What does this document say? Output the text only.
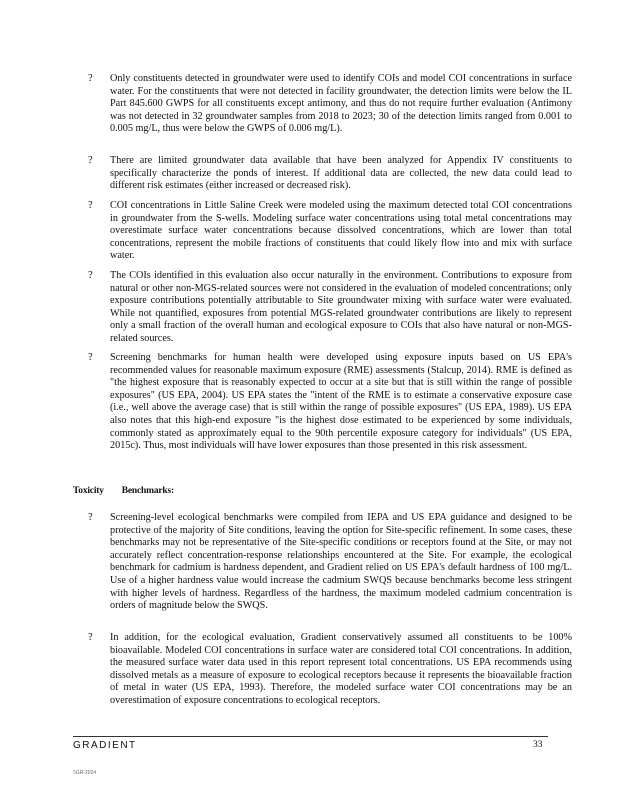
? Only constituents detected in groundwater were used to identify COIs and model COI concentrations in surface water. For the constituents that were not detected in facility groundwater, the detection limits were below the IL Part 845.600 GWPS for all constituents except antimony, and thus do not require further evaluation (Antimony was not detected in 32 groundwater samples from 2018 to 2023; 30 of the detection limits ranged from 0.001 to 0.005 mg/L, thus were below the GWPS of 0.006 mg/L).
? There are limited groundwater data available that have been analyzed for Appendix IV constituents to specifically characterize the ponds of interest. If additional data are collected, the new data could lead to different risk estimates (either increased or decreased risk).
? COI concentrations in Little Saline Creek were modeled using the maximum detected total COI concentrations in groundwater from the S-wells. Modeling surface water concentrations using total metal concentrations may overestimate surface water concentrations because dissolved concentrations, which are lower than total concentrations, represent the mobile fractions of constituents that could likely flow into and mix with surface water.
? The COIs identified in this evaluation also occur naturally in the environment. Contributions to exposure from natural or other non-MGS-related sources were not considered in the evaluation of modeled concentrations; only exposure contributions potentially attributable to Site groundwater mixing with surface water were evaluated. While not quantified, exposures from potential MGS-related groundwater contributions are likely to represent only a small fraction of the overall human and ecological exposure to COIs that also have natural or non-MGS-related sources.
? Screening benchmarks for human health were developed using exposure inputs based on US EPA's recommended values for reasonable maximum exposure (RME) assessments (Stalcup, 2014). RME is defined as "the highest exposure that is reasonably expected to occur at a site but that is still within the range of possible exposures" (US EPA, 2004). US EPA states the "intent of the RME is to estimate a conservative exposure case (i.e., well above the average case) that is still within the range of possible exposures" (US EPA, 1989). US EPA also notes that this high-end exposure "is the highest dose estimated to be experienced by some individuals, commonly stated as approximately equal to the 90th percentile exposure category for individuals" (US EPA, 2015c). Thus, most individuals will have lower exposures than those presented in this risk assessment.
Toxicity Benchmarks:
? Screening-level ecological benchmarks were compiled from IEPA and US EPA guidance and designed to be protective of the majority of Site conditions, leaving the option for Site-specific refinement. In some cases, these benchmarks may not be representative of the Site-specific conditions or receptors found at the Site, or may not accurately reflect concentration-response relationships encountered at the Site. For example, the ecological benchmark for cadmium is hardness dependent, and Gradient relied on US EPA's default hardness of 100 mg/L. Use of a higher hardness value would increase the cadmium SWQS because benchmarks become less stringent with higher levels of hardness. Regardless of the hardness, the maximum modeled cadmium concentration is orders of magnitude below the SWQS.
? In addition, for the ecological evaluation, Gradient conservatively assumed all constituents to be 100% bioavailable. Modeled COI concentrations in surface water are considered total COI concentrations. In addition, the measured surface water data used in this report represent total concentrations. US EPA recommends using dissolved metals as a measure of exposure to ecological receptors because it represents the bioavailable fraction of metal in water (US EPA, 1993). Therefore, the modeled surface water COI concentrations may be an overestimation of exposure concentrations to ecological receptors.
GRADIENT	33
\\GR-2024
